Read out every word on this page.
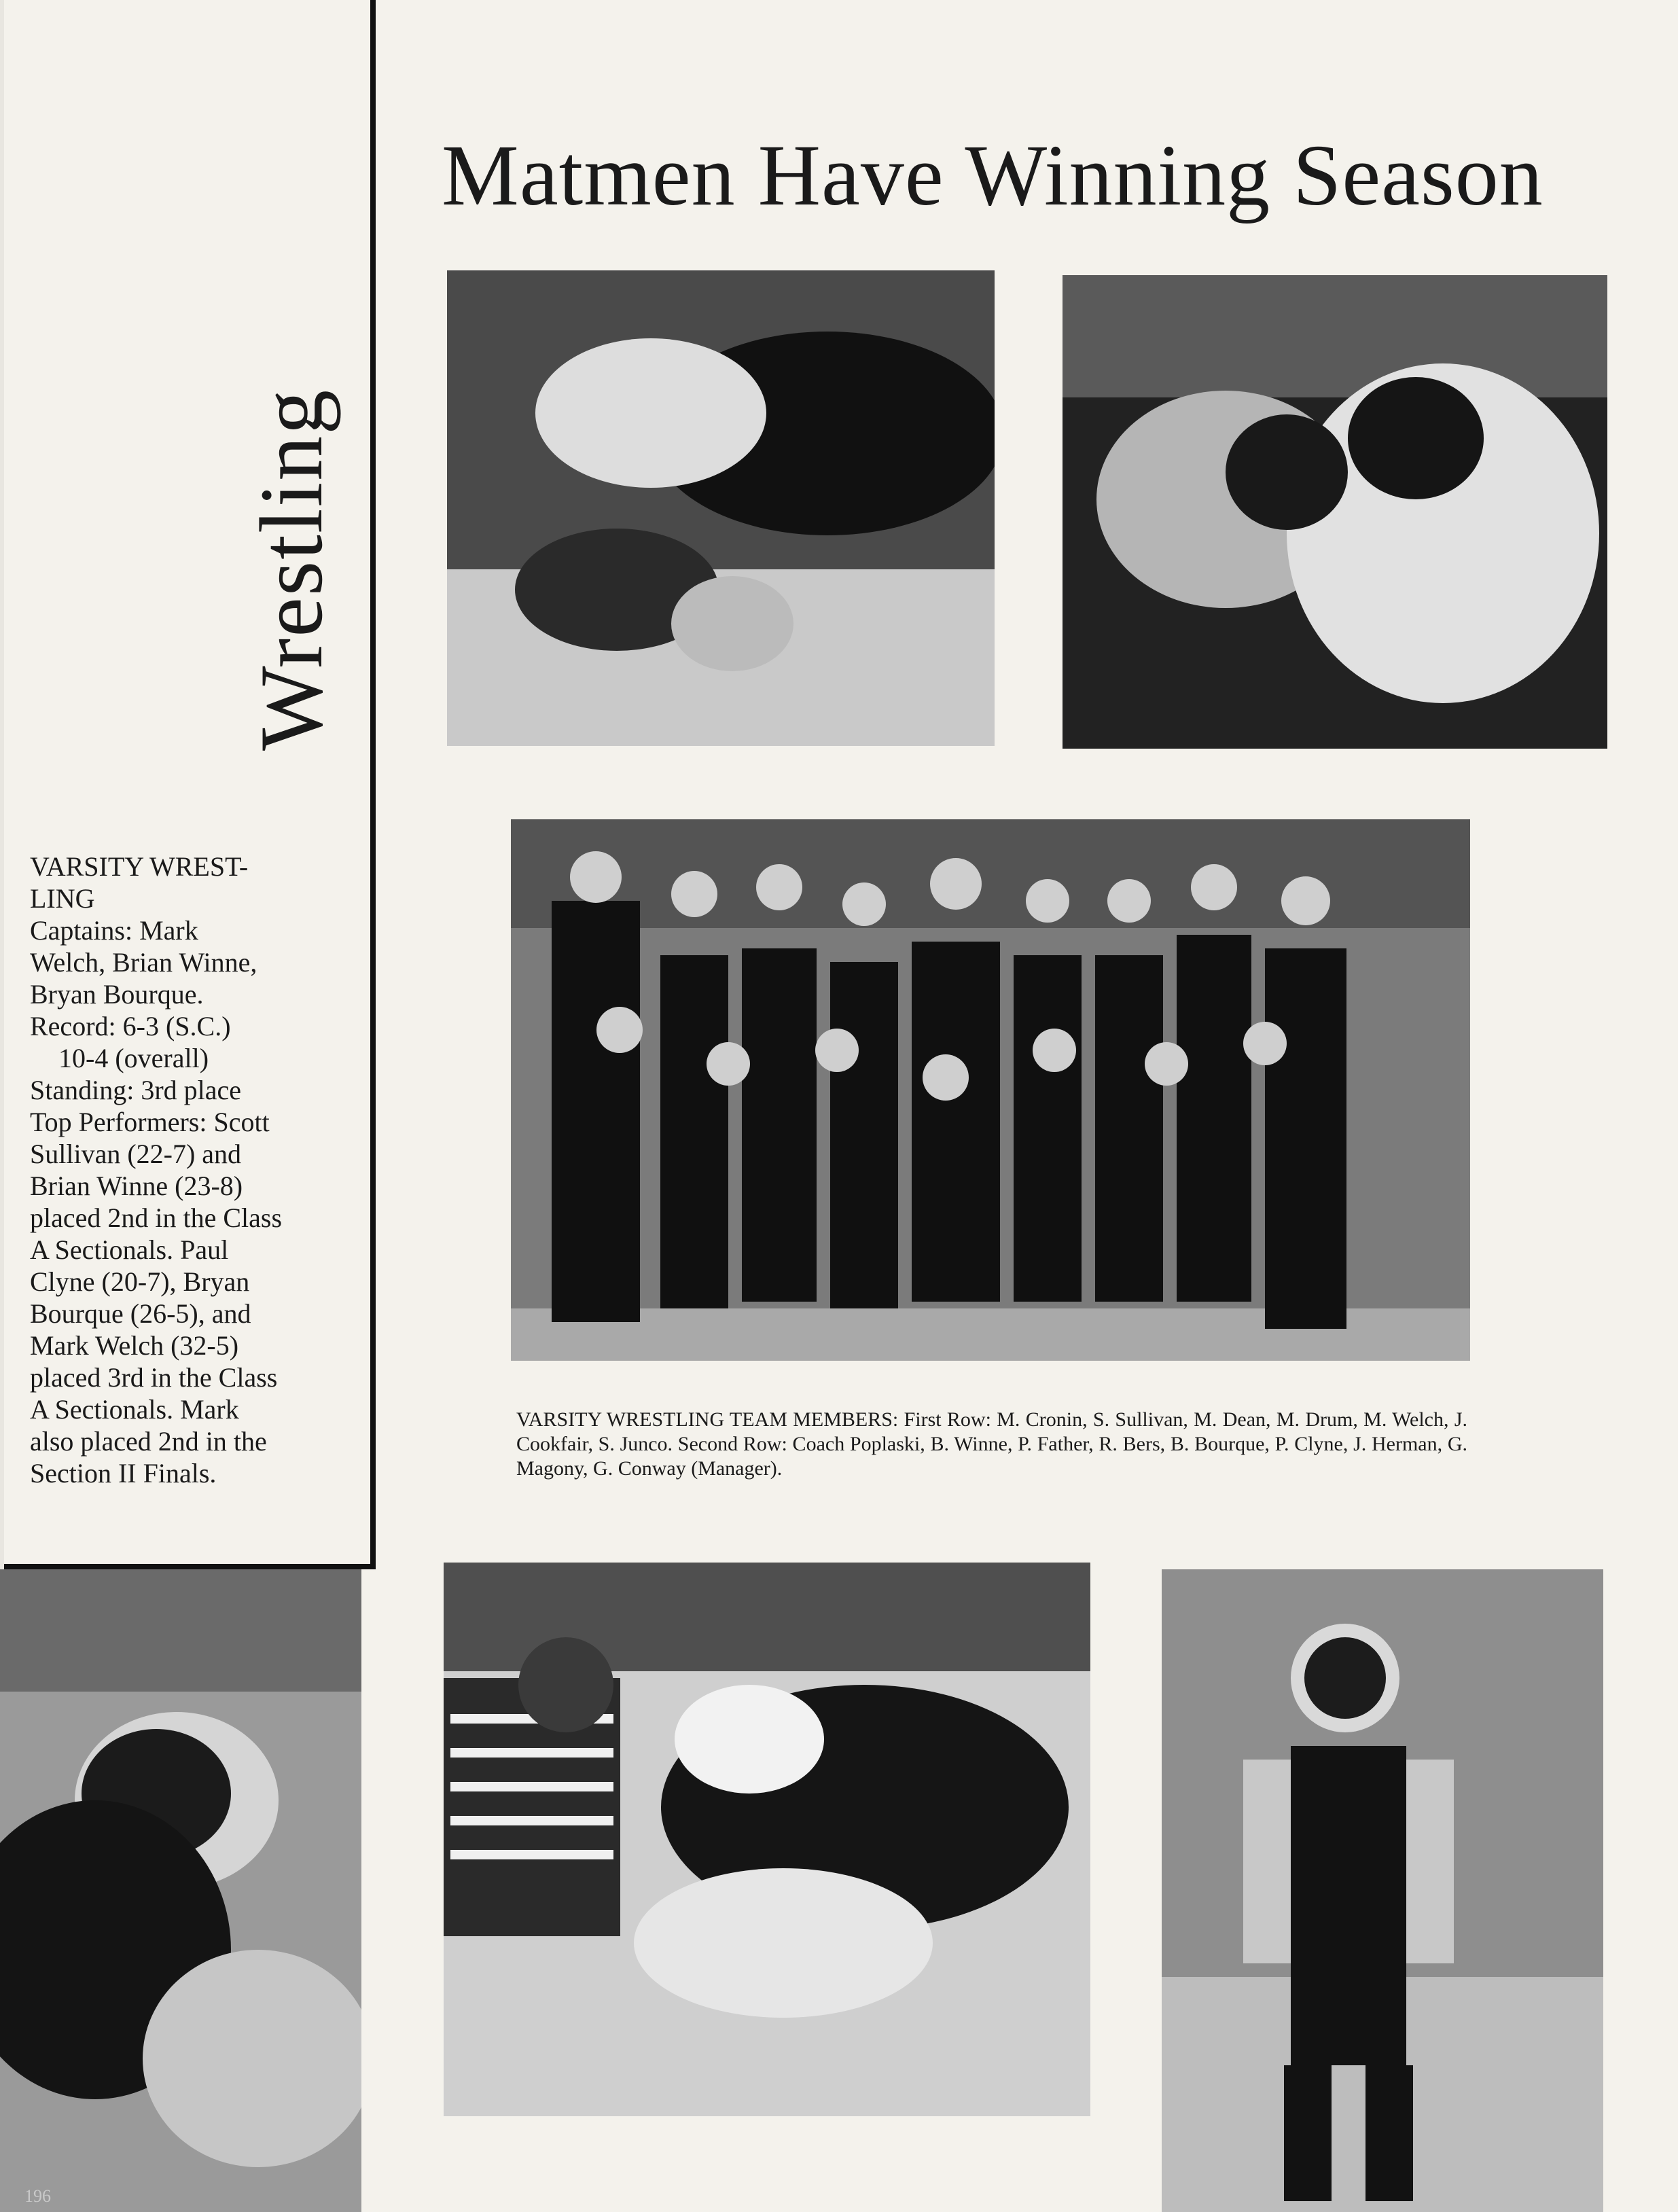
Matmen Have Winning Season
Wrestling
VARSITY WREST-
LING
Captains: Mark
Welch, Brian Winne,
Bryan Bourque.
Record: 6-3 (S.C.)
10-4 (overall)
Standing: 3rd place
Top Performers: Scott
Sullivan (22-7) and
Brian Winne (23-8)
placed 2nd in the Class
A Sectionals. Paul
Clyne (20-7), Bryan
Bourque (26-5), and
Mark Welch (32-5)
placed 3rd in the Class
A Sectionals. Mark
also placed 2nd in the
Section II Finals.
VARSITY WRESTLING TEAM MEMBERS: First Row: M. Cronin, S. Sullivan, M. Dean, M. Drum, M. Welch, J. Cookfair, S. Junco. Second Row: Coach Poplaski, B. Winne, P. Father, R. Bers, B. Bourque, P. Clyne, J. Herman, G. Magony, G. Conway (Manager).
196
